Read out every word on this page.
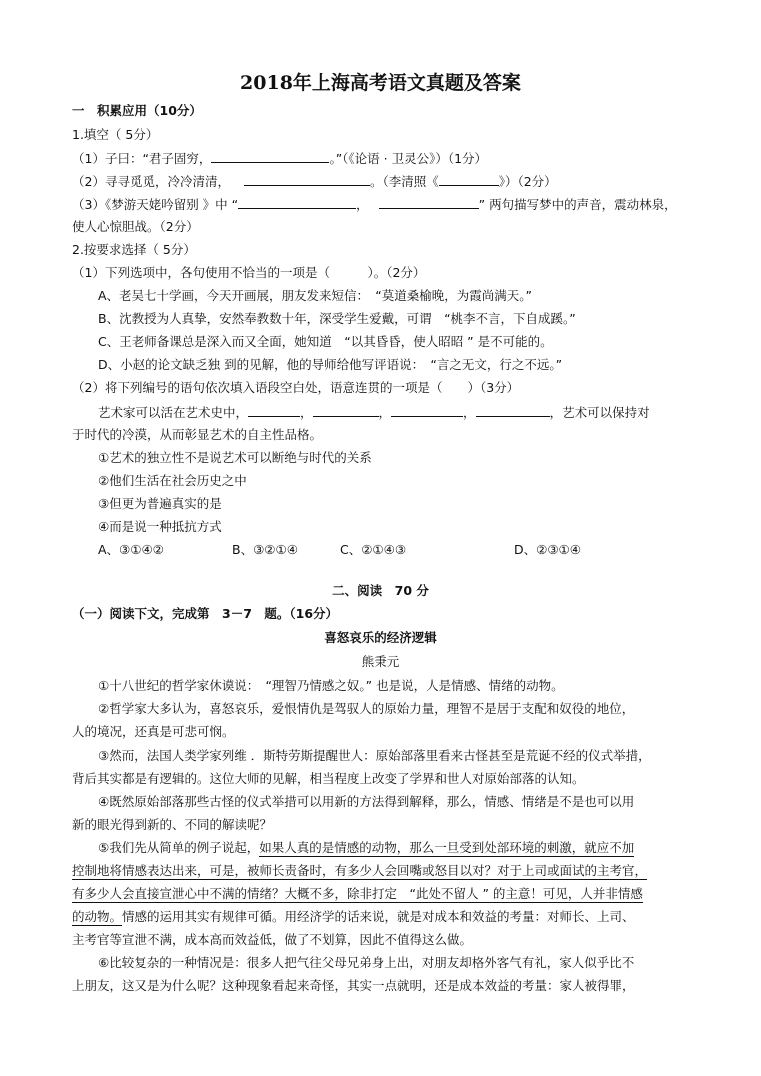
2018年上海高考语文真题及答案
一　积累应用（10分）
1.填空（ 5分）
（1）子曰：“君子固穷，	。”（《论语 · 卫灵公》）（1分）
（2）寻寻觅觅，冷冷清清，	。（李清照《	》）（2分）
（3）《梦游天姥吟留别 》中 “	，	” 两句描写梦中的声音，震动林泉，
使人心惊胆战。（2分）
2.按要求选择（ 5分）
（1）下列选项中，各句使用不恰当的一项是（　　　）。（2分）
A、老吴七十学画，今天开画展，朋友发来短信：　“莫道桑榆晚，为霞尚满天。”
B、沈教授为人真挚，安然奉教数十年，深受学生爱戴，可谓　“桃李不言，下自成蹊。”
C、王老师备课总是深入而又全面，她知道　“以其昏昏，使人昭昭 ” 是不可能的。
D、小赵的论文缺乏独 到的见解，他的导师给他写评语说：　“言之无文，行之不远。”
（2）将下列编号的语句依次填入语段空白处，语意连贯的一项是（　　）（3分）
艺术家可以活在艺术史中，	，	，	，	，艺术可以保持对
于时代的冷漠，从而彰显艺术的自主性品格。
①艺术的独立性不是说艺术可以断绝与时代的关系
②他们生活在社会历史之中
③但更为普遍真实的是
④而是说一种抵抗方式
A、③①④②	B、③②①④	C、②①④③	D、②③①④
二、阅读　70 分
（一）阅读下文，完成第　3－7　题。（16分）
喜怒哀乐的经济逻辑
熊秉元
①十八世纪的哲学家休谟说：　“理智乃情感之奴。” 也是说，人是情感、情绪的动物。
②哲学家大多认为，喜怒哀乐，爱恨情仇是驾驭人的原始力量，理智不是居于支配和奴役的地位，
人的境况，还真是可悲可悯。
③然而，法国人类学家列维 ．斯特劳斯提醒世人：原始部落里看来古怪甚至是荒诞不经的仪式举措，
背后其实都是有逻辑的。这位大师的见解，相当程度上改变了学界和世人对原始部落的认知。
④既然原始部落那些古怪的仪式举措可以用新的方法得到解释，那么，情感、情绪是不是也可以用
新的眼光得到新的、不同的解读呢？
⑤我们先从简单的例子说起，如果人真的是情感的动物，那么一旦受到处部环境的刺激，就应不加
控制地将情感表达出来，可是，被师长责备时，有多少人会回嘴或怒目以对？对于上司或面试的主考官，
有多少人会直接宣泄心中不满的情绪？大概不多，除非打定　“此处不留人 ” 的主意！可见，人并非情感
的动物。情感的运用其实有规律可循。用经济学的话来说，就是对成本和效益的考量：对师长、上司、
主考官等宣泄不满，成本高而效益低，做了不划算，因此不值得这么做。
⑥比较复杂的一种情况是：很多人把气往父母兄弟身上出，对朋友却格外客气有礼，家人似乎比不
上朋友，这又是为什么呢？这种现象看起来奇怪，其实一点就明，还是成本效益的考量：家人被得罪，
